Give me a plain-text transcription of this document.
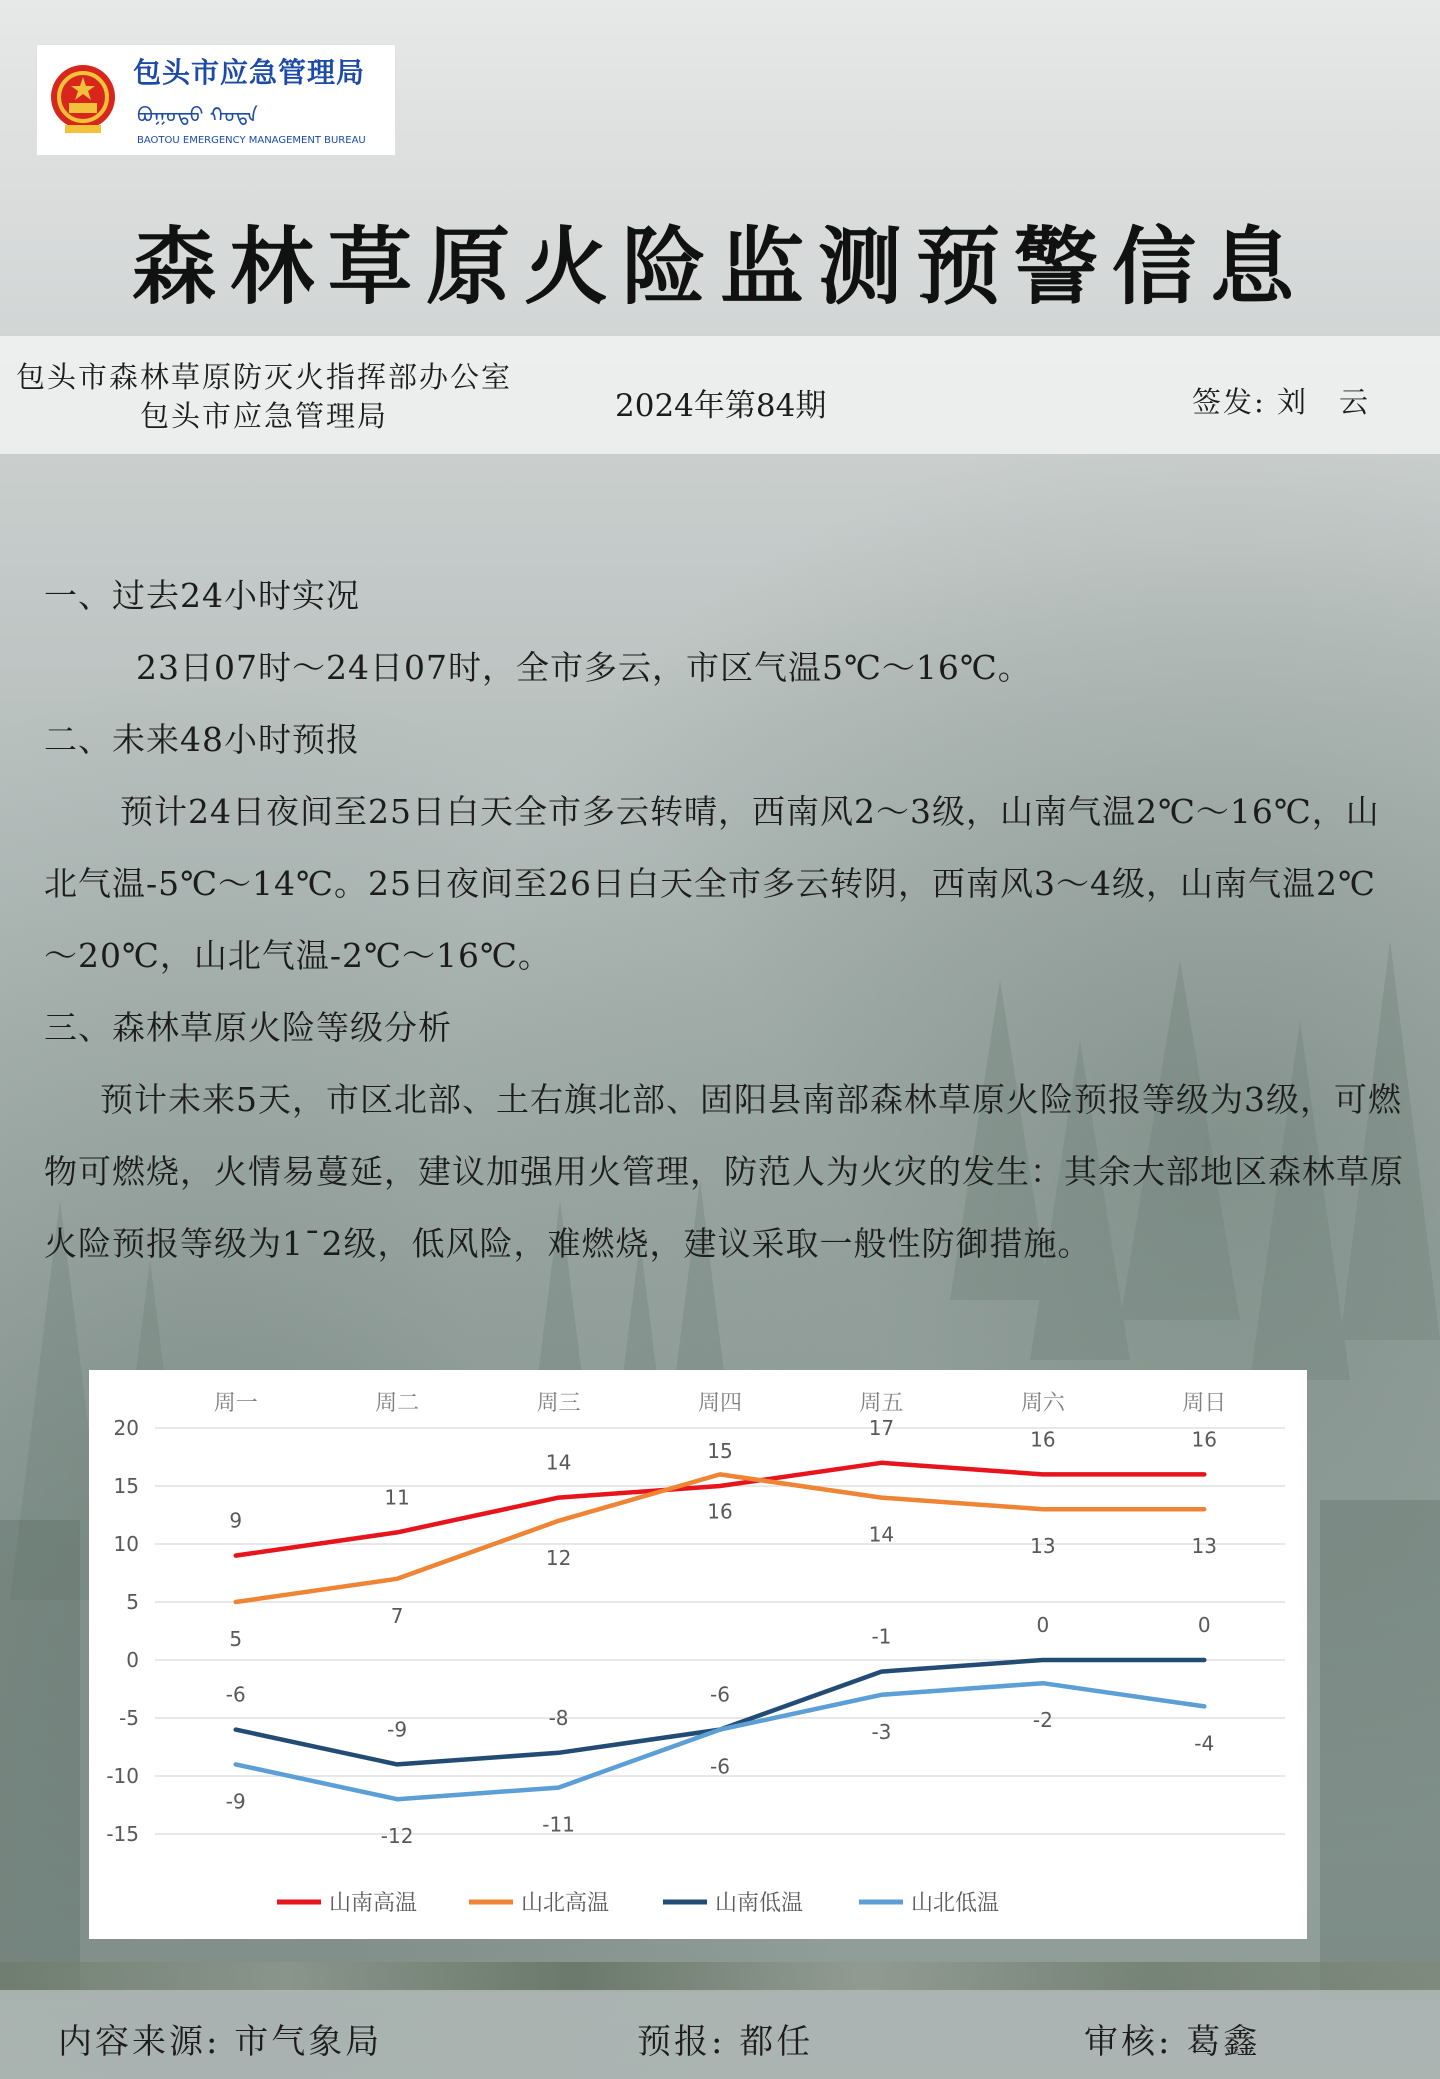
包头市应急管理局
ᠪᠣᠭᠣᠲᠣ ᠬᠣᠲᠠ
BAOTOU EMERGENCY MANAGEMENT BUREAU
森林草原火险监测预警信息
包头市森林草原防灭火指挥部办公室
包头市应急管理局	2024年第84期	签发: 刘　云

一、过去24小时实况

23日07时～24日07时，全市多云，市区气温5℃～16℃。

二、未来48小时预报

预计24日夜间至25日白天全市多云转晴，西南风2～3级，山南气温2℃～16℃，山北气温-5℃～14℃。25日夜间至26日白天全市多云转阴，西南风3～4级，山南气温2℃～20℃，山北气温-2℃～16℃。

三、森林草原火险等级分析

预计未来5天，市区北部、土右旗北部、固阳县南部森林草原火险预报等级为3级，可燃物可燃烧，火情易蔓延，建议加强用火管理，防范人为火灾的发生：其余大部地区森林草原火险预报等级为1¯2级，低风险，难燃烧，建议采取一般性防御措施。

20
15
10
5
0
-5
-10
-15
周一	周二	周三	周四	周五	周六	周日
9
11
14	15
17	16	16
5
7
12
16
14	13	13
-6
-9	-8
-6
-1	0	0
-9
-12	-11
-6
-3	-2
-4
山南高温	山北高温	山南低温	山北低温
内容来源: 市气象局	预报: 都任	审核: 葛鑫
